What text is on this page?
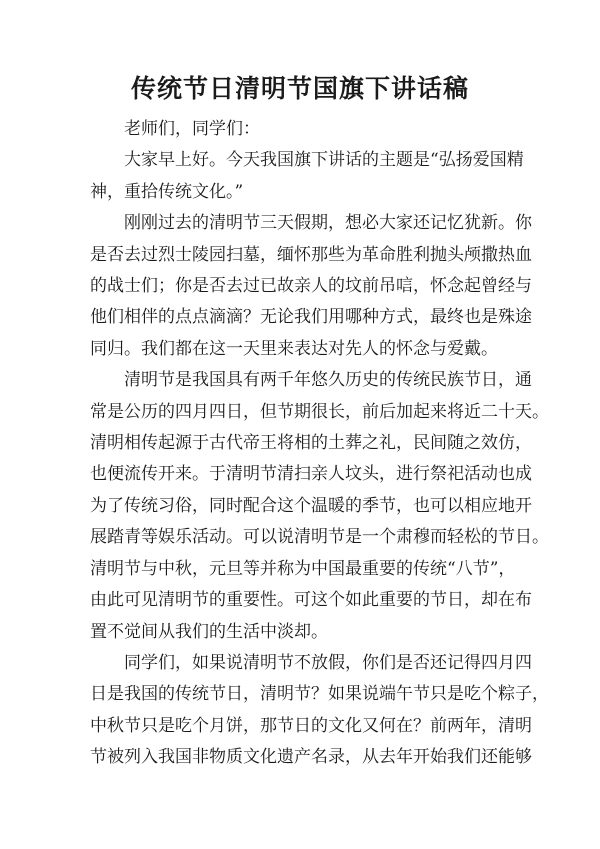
传统节日清明节国旗下讲话稿

老师们，同学们：

大家早上好。今天我国旗下讲话的主题是“弘扬爱国精
神，重拾传统文化。”

刚刚过去的清明节三天假期，想必大家还记忆犹新。你
是否去过烈士陵园扫墓，缅怀那些为革命胜利抛头颅撒热血
的战士们；你是否去过已故亲人的坟前吊唁，怀念起曾经与
他们相伴的点点滴滴？无论我们用哪种方式，最终也是殊途
同归。我们都在这一天里来表达对先人的怀念与爱戴。

清明节是我国具有两千年悠久历史的传统民族节日，通
常是公历的四月四日，但节期很长，前后加起来将近二十天。
清明相传起源于古代帝王将相的土葬之礼，民间随之效仿，
也便流传开来。于清明节清扫亲人坟头，进行祭祀活动也成
为了传统习俗，同时配合这个温暖的季节，也可以相应地开
展踏青等娱乐活动。可以说清明节是一个肃穆而轻松的节日。
清明节与中秋，元旦等并称为中国最重要的传统“八节”，
由此可见清明节的重要性。可这个如此重要的节日，却在布
置不觉间从我们的生活中淡却。

同学们，如果说清明节不放假，你们是否还记得四月四
日是我国的传统节日，清明节？如果说端午节只是吃个粽子，
中秋节只是吃个月饼，那节日的文化又何在？前两年，清明
节被列入我国非物质文化遗产名录，从去年开始我们还能够
